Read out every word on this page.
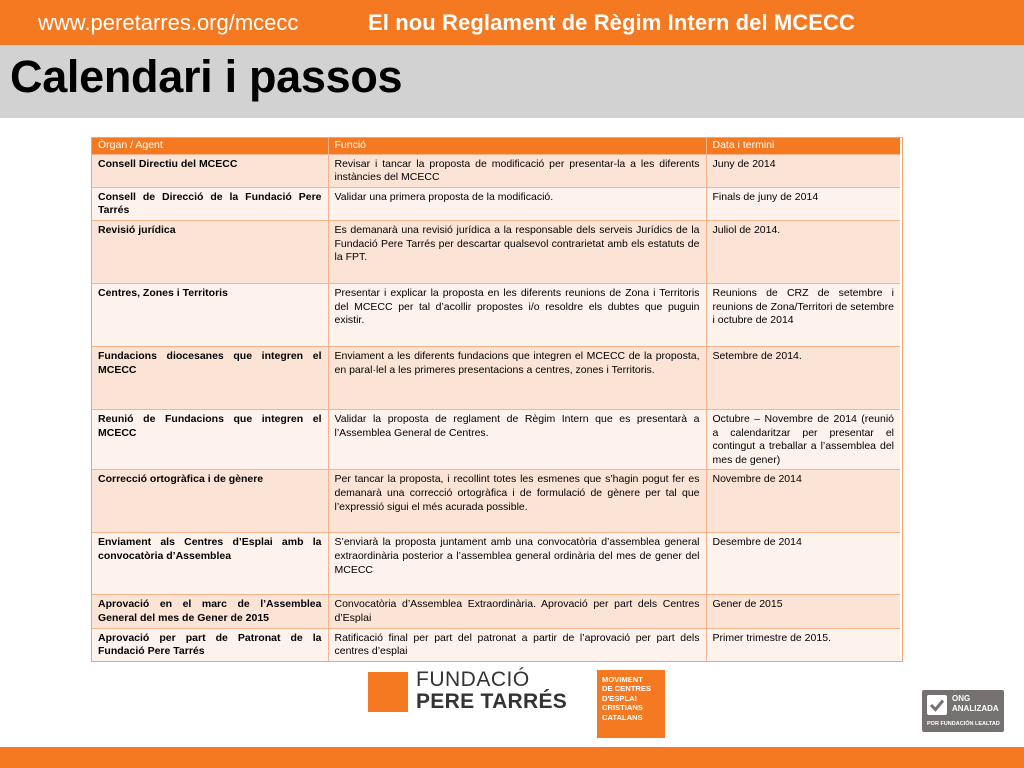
www.peretarres.org/mcecc	El nou Reglament de Règim Intern del MCECC
Calendari i passos
Òrgan / Agent	Funció	Data i termini
Consell Directiu del MCECC	Revisar i tancar la proposta de modificació per presentar-la a les diferents instàncies del MCECC	Juny de 2014
Consell de Direcció de la Fundació Pere Tarrés	Validar una primera proposta de la modificació.	Finals de juny de 2014
Revisió jurídica	Es demanarà una revisió jurídica a la responsable dels serveis Jurídics de la Fundació Pere Tarrés per descartar qualsevol contrarietat amb els estatuts de la FPT.	Juliol de 2014.
Centres, Zones i Territoris	Presentar i explicar la proposta en les diferents reunions de Zona i Territoris del MCECC per tal d’acollir propostes i/o resoldre els dubtes que puguin existir.	Reunions de CRZ de setembre i reunions de Zona/Territori de setembre i octubre de 2014
Fundacions diocesanes que integren el MCECC	Enviament a les diferents fundacions que integren el MCECC de la proposta, en paral·lel a les primeres presentacions a centres, zones i Territoris.	Setembre de 2014.
Reunió de Fundacions que integren el MCECC	Validar la proposta de reglament de Règim Intern que es presentarà a l’Assemblea General de Centres.	Octubre – Novembre de 2014 (reunió a calendaritzar per presentar el contingut a treballar a l’assemblea del mes de gener)
Correcció ortogràfica i de gènere	Per tancar la proposta, i recollint totes les esmenes que s’hagin pogut fer es demanarà una correcció ortogràfica i de formulació de gènere per tal que l’expressió sigui el més acurada possible.	Novembre de 2014
Enviament als Centres d’Esplai amb la convocatòria d’Assemblea	S’enviarà la proposta juntament amb una convocatòria d’assemblea general extraordinària posterior a l’assemblea general ordinària del mes de gener del MCECC	Desembre de 2014
Aprovació en el marc de l’Assemblea General del mes de Gener de 2015	Convocatòria d’Assemblea Extraordinària. Aprovació per part dels Centres d’Esplai	Gener de 2015
Aprovació per part de Patronat de la Fundació Pere Tarrés	Ratificació final per part del patronat a partir de l’aprovació per part dels centres d’esplai	Primer trimestre de 2015.
FUNDACIÓ
PERE TARRÉS
MOVIMENT
DE CENTRES
D'ESPLAI
CRISTIANS
CATALANS
ONG
ANALIZADA
POR FUNDACIÓN LEALTAD
